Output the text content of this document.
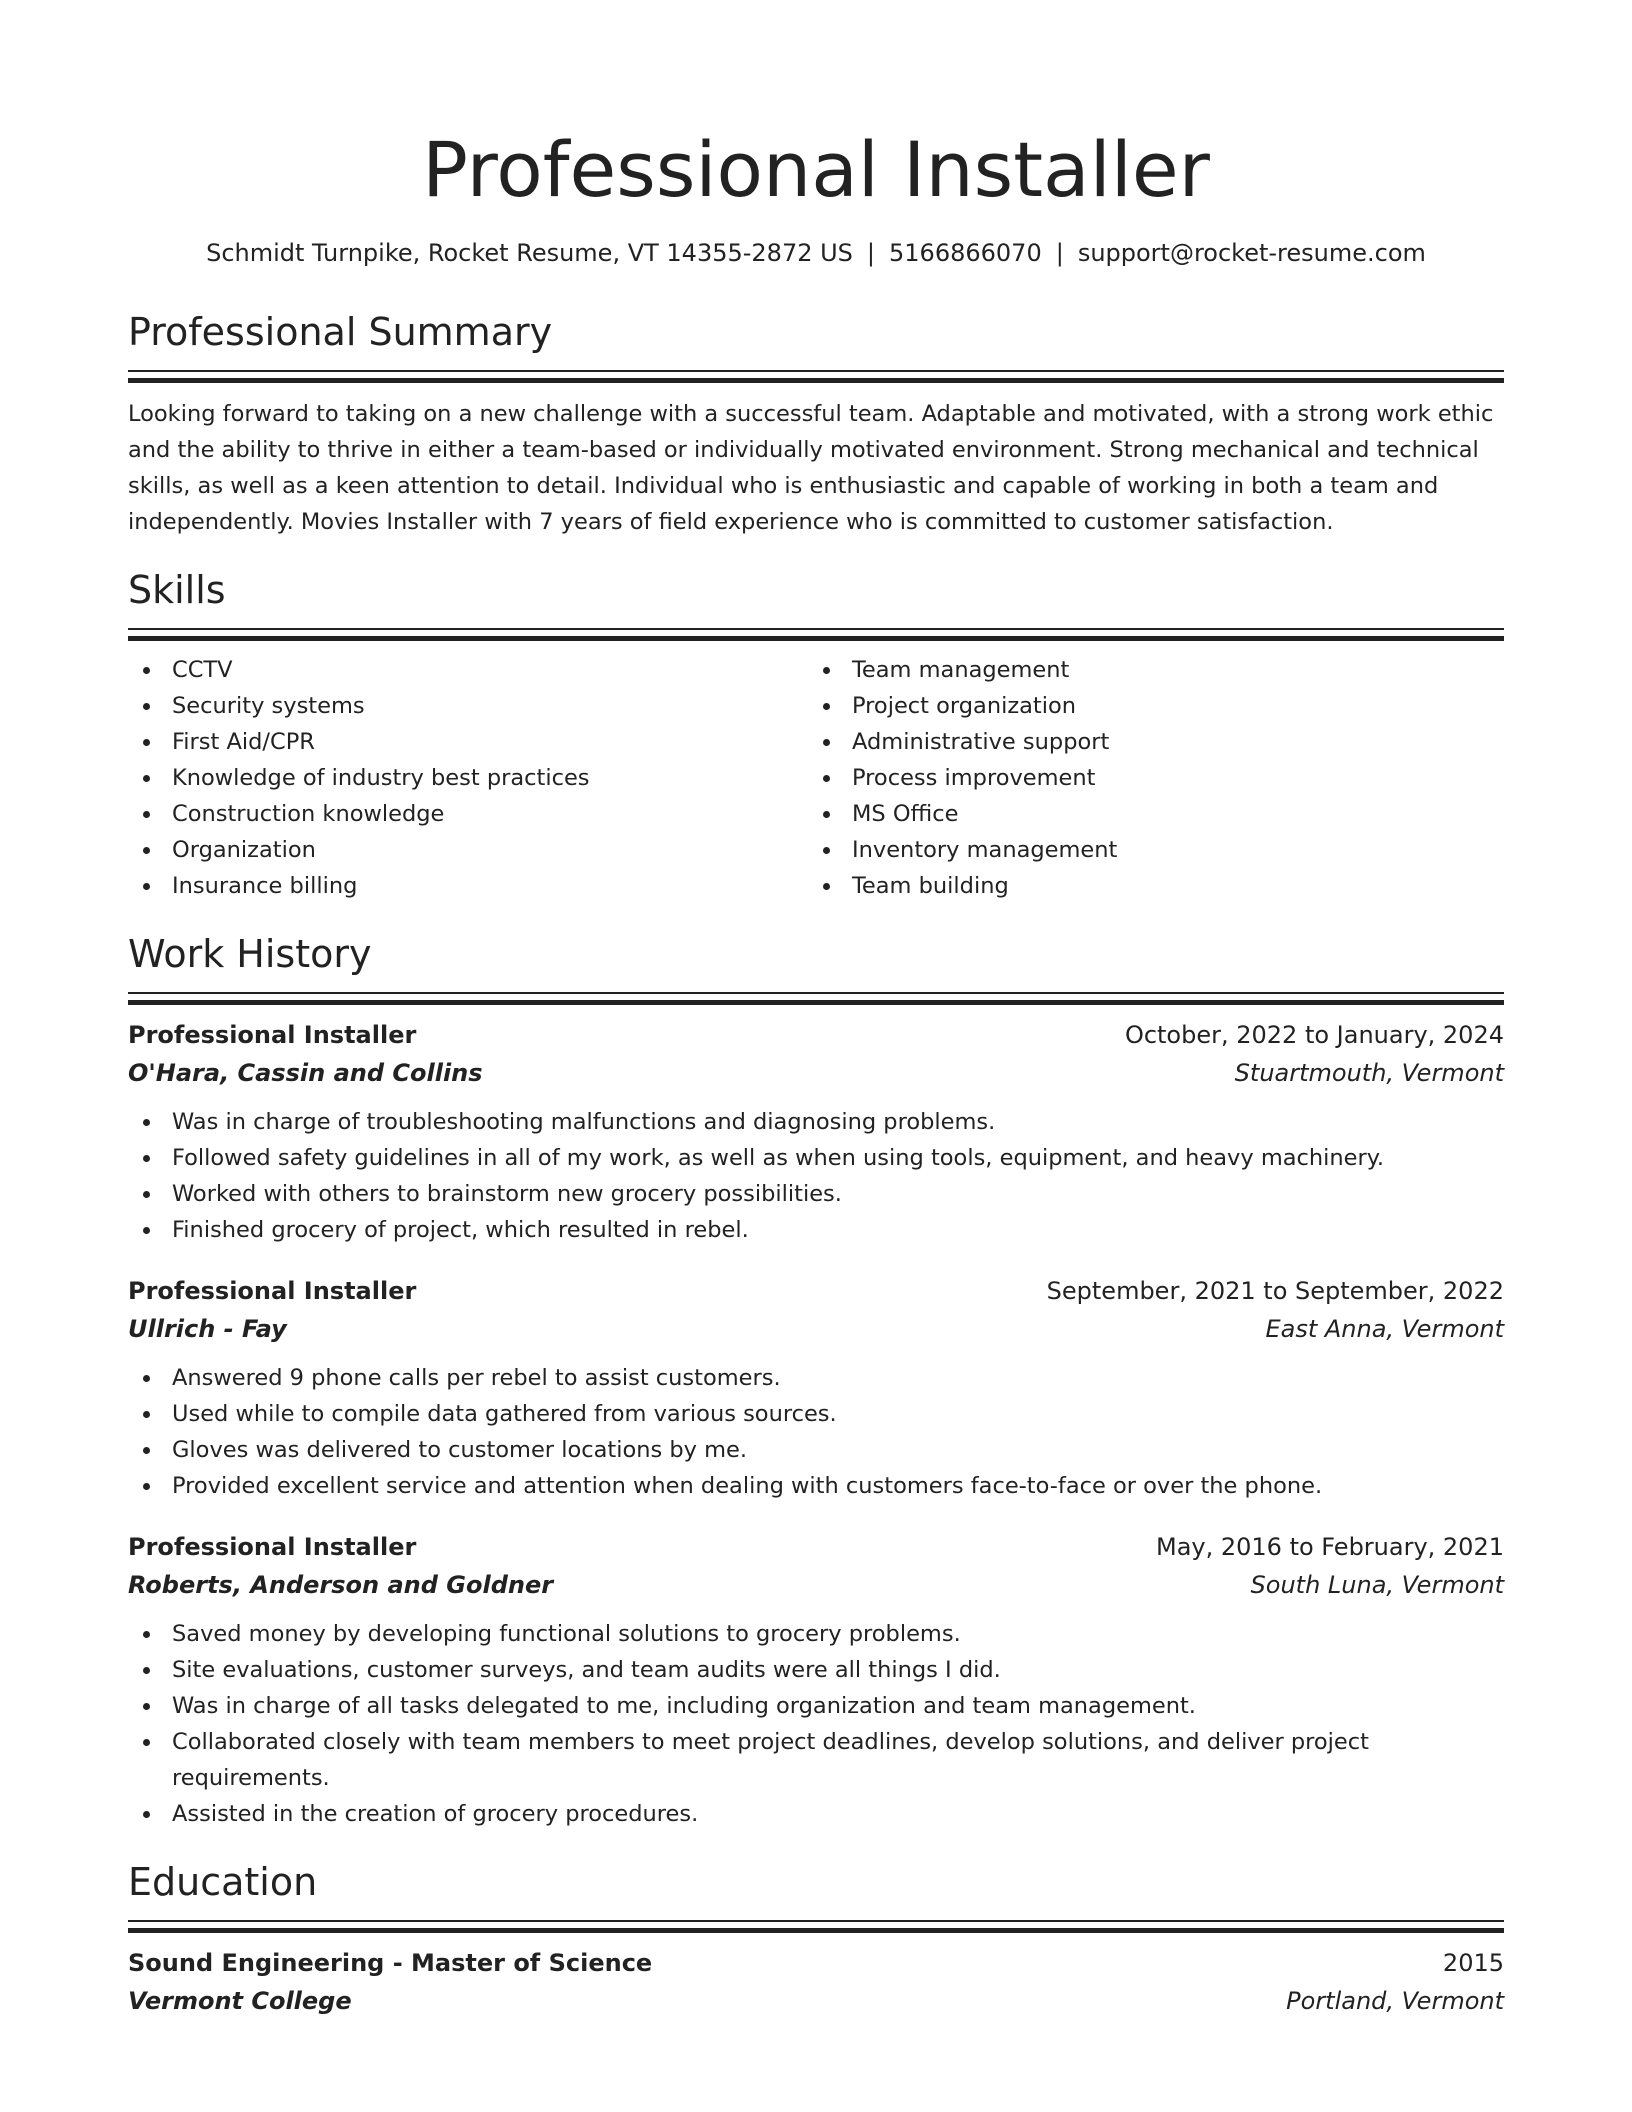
Professional Installer
Schmidt Turnpike, Rocket Resume, VT 14355-2872 US | 5166866070 | support@rocket-resume.com
Professional Summary

Looking forward to taking on a new challenge with a successful team. Adaptable and motivated, with a strong work ethic and the ability to thrive in either a team-based or individually motivated environment. Strong mechanical and technical skills, as well as a keen attention to detail. Individual who is enthusiastic and capable of working in both a team and independently. Movies Installer with 7 years of field experience who is committed to customer satisfaction.

Skills
CCTV
Security systems
First Aid/CPR
Knowledge of industry best practices
Construction knowledge
Organization
Insurance billing
Team management
Project organization
Administrative support
Process improvement
MS Office
Inventory management
Team building
Work History
Professional Installer	October, 2022 to January, 2024
O'Hara, Cassin and Collins	Stuartmouth, Vermont
Was in charge of troubleshooting malfunctions and diagnosing problems.
Followed safety guidelines in all of my work, as well as when using tools, equipment, and heavy machinery.
Worked with others to brainstorm new grocery possibilities.
Finished grocery of project, which resulted in rebel.
Professional Installer	September, 2021 to September, 2022
Ullrich - Fay	East Anna, Vermont
Answered 9 phone calls per rebel to assist customers.
Used while to compile data gathered from various sources.
Gloves was delivered to customer locations by me.
Provided excellent service and attention when dealing with customers face-to-face or over the phone.
Professional Installer	May, 2016 to February, 2021
Roberts, Anderson and Goldner	South Luna, Vermont
Saved money by developing functional solutions to grocery problems.
Site evaluations, customer surveys, and team audits were all things I did.
Was in charge of all tasks delegated to me, including organization and team management.
Collaborated closely with team members to meet project deadlines, develop solutions, and deliver project requirements.
Assisted in the creation of grocery procedures.
Education
Sound Engineering - Master of Science	2015
Vermont College	Portland, Vermont
